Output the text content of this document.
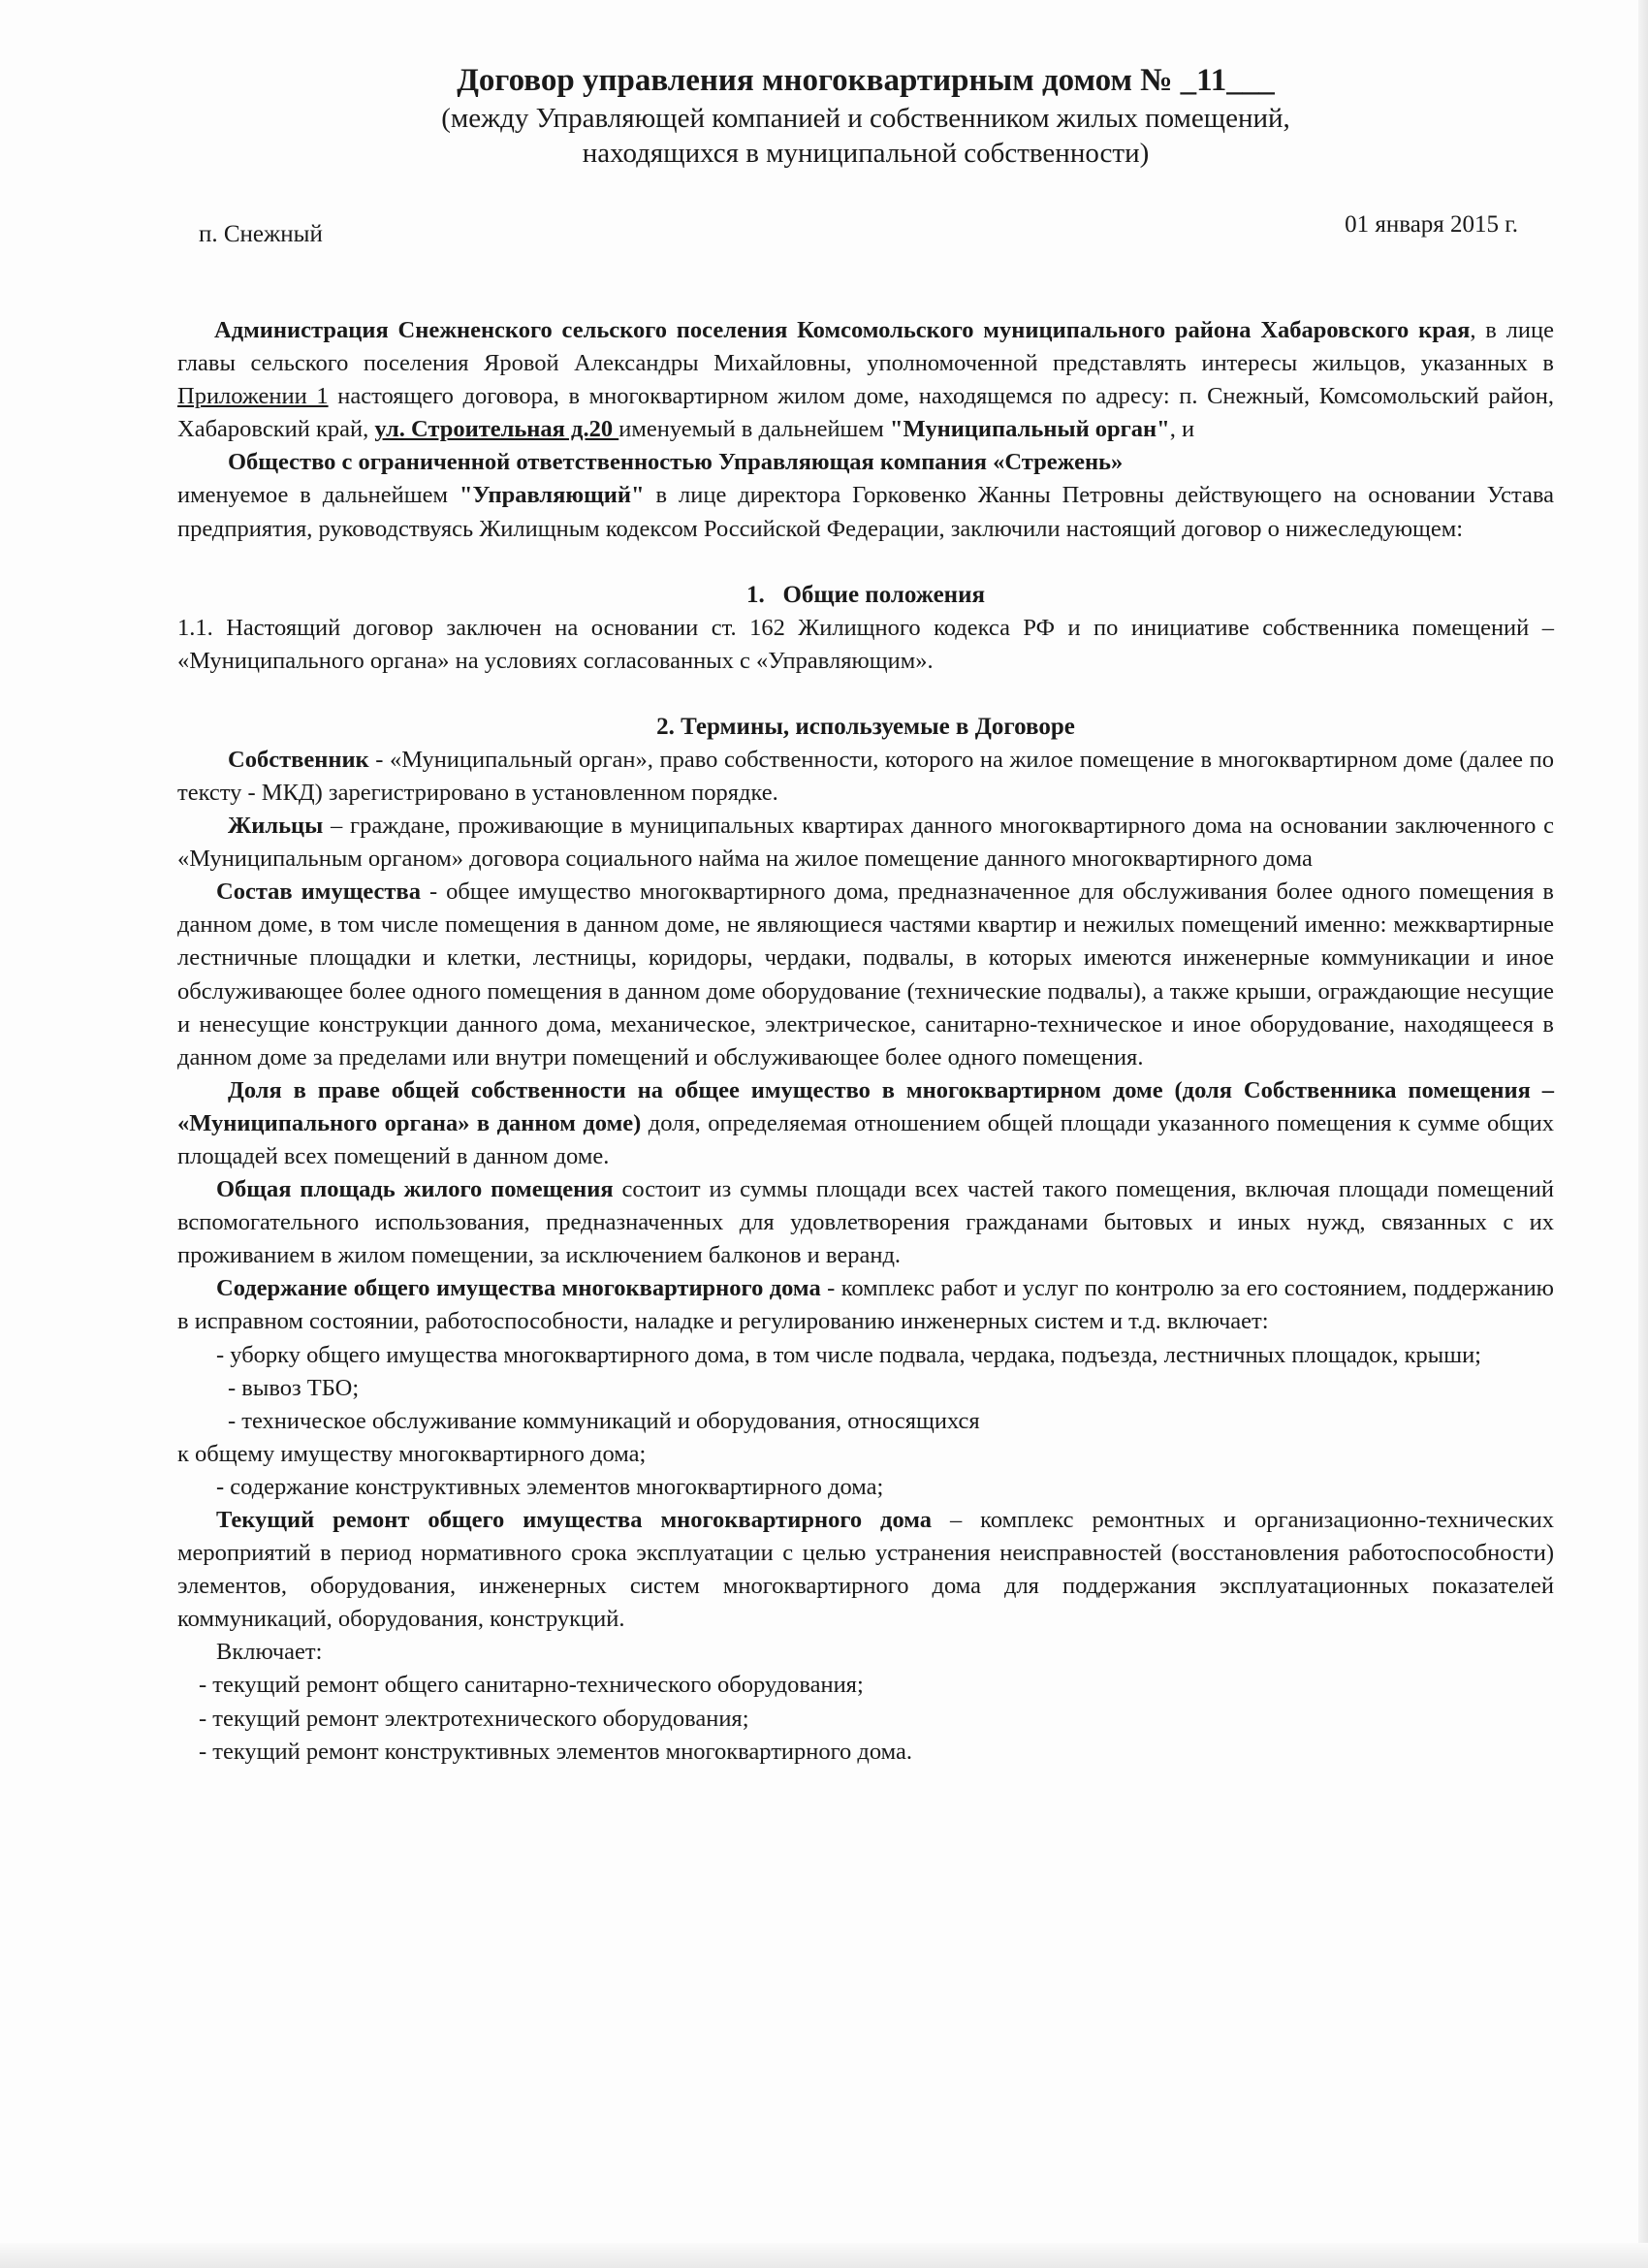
Договор управления многоквартирным домом № _11___
(между Управляющей компанией и собственником жилых помещений,
находящихся в муниципальной собственности)
п. Снежный	01 января 2015 г.

Администрация Снежненского сельского поселения Комсомольского муниципального района Хабаровского края, в лице главы сельского поселения Яровой Александры Михайловны, уполномоченной представлять интересы жильцов, указанных в Приложении 1 настоящего договора, в многоквартирном жилом доме, находящемся по адресу: п. Снежный, Комсомольский район, Хабаровский край, ул. Строительная д.20 именуемый в дальнейшем "Муниципальный орган", и

Общество с ограниченной ответственностью Управляющая компания «Стрежень»

именуемое в дальнейшем "Управляющий" в лице директора Горковенко Жанны Петровны действующего на основании Устава предприятия, руководствуясь Жилищным кодексом Российской Федерации, заключили настоящий договор о нижеследующем:

1.   Общие положения

1.1. Настоящий договор заключен на основании ст. 162 Жилищного кодекса РФ и по инициативе собственника помещений – «Муниципального органа» на условиях согласованных с «Управляющим».

2. Термины, используемые в Договоре

Собственник - «Муниципальный орган», право собственности, которого на жилое помещение в многоквартирном доме (далее по тексту - МКД) зарегистрировано в установленном порядке.

Жильцы – граждане, проживающие в муниципальных квартирах данного многоквартирного дома на основании заключенного с «Муниципальным органом» договора социального найма на жилое помещение данного многоквартирного дома

Состав имущества - общее имущество многоквартирного дома, предназначенное для обслуживания более одного помещения в данном доме, в том числе помещения в данном доме, не являющиеся частями квартир и нежилых помещений именно: межквартирные лестничные площадки и клетки, лестницы, коридоры, чердаки, подвалы, в которых имеются инженерные коммуникации и иное обслуживающее более одного помещения в данном доме оборудование (технические подвалы), а также крыши, ограждающие несущие и ненесущие конструкции данного дома, механическое, электрическое, санитарно-техническое и иное оборудование, находящееся в данном доме за пределами или внутри помещений и обслуживающее более одного помещения.

Доля в праве общей собственности на общее имущество в многоквартирном доме (доля Собственника помещения – «Муниципального органа» в данном доме) доля, определяемая отношением общей площади указанного помещения к сумме общих площадей всех помещений в данном доме.

Общая площадь жилого помещения состоит из суммы площади всех частей такого помещения, включая площади помещений вспомогательного использования, предназначенных для удовлетворения гражданами бытовых и иных нужд, связанных с их проживанием в жилом помещении, за исключением балконов и веранд.

Содержание общего имущества многоквартирного дома - комплекс работ и услуг по контролю за его состоянием, поддержанию в исправном состоянии, работоспособности, наладке и регулированию инженерных систем и т.д. включает:

- уборку общего имущества многоквартирного дома, в том числе подвала, чердака, подъезда, лестничных площадок, крыши;

- вывоз ТБО;

- техническое обслуживание коммуникаций и оборудования, относящихся

к общему имуществу многоквартирного дома;

- содержание конструктивных элементов многоквартирного дома;

Текущий ремонт общего имущества многоквартирного дома – комплекс ремонтных и организационно-технических мероприятий в период нормативного срока эксплуатации с целью устранения неисправностей (восстановления работоспособности) элементов, оборудования, инженерных систем многоквартирного дома для поддержания эксплуатационных показателей коммуникаций, оборудования, конструкций.

Включает:

- текущий ремонт общего санитарно-технического оборудования;

- текущий ремонт электротехнического оборудования;

- текущий ремонт конструктивных элементов многоквартирного дома.
